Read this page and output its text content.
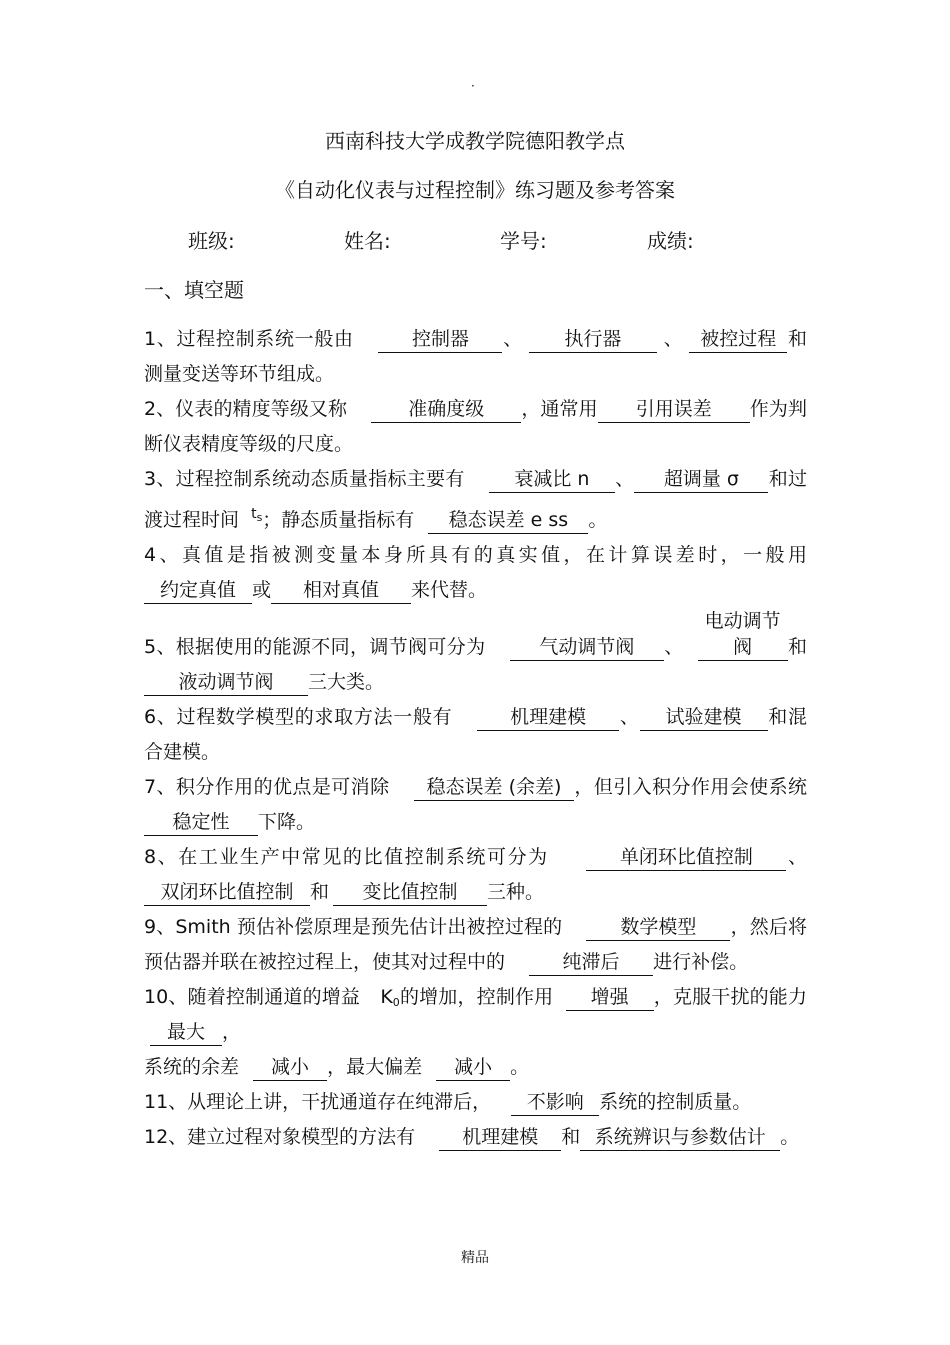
·
西南科技大学成教学院德阳教学点
《自动化仪表与过程控制》练习题及参考答案
班级:	姓名:	学号:	成绩:
一、填空题

1、过程控制系统一般由	控制器 、 执行器 、 被控过程 和测量变送等环节组成。

2、仪表的精度等级又称	准确度级 ，通常用 引用误差 作为判断仪表精度等级的尺度。

3、过程控制系统动态质量指标主要有	衰减比 n 、 超调量 σ 和过渡过程时间 $^{t_s}$；静态质量指标有 稳态误差 e ss 。

4、真值是指被测变量本身所具有的真实值，在计算误差时，一般用 约定真值 或 相对真值 来代替。

5、根据使用的能源不同，调节阀可分为	气动调节阀 、电动调节阀 和液动调节阀 三大类。

6、过程数学模型的求取方法一般有	机理建模 、 试验建模 和混合建模。

7、积分作用的优点是可消除 稳态误差 (余差) ，但引入积分作用会使系统稳定性 下降。

8、在工业生产中常见的比值控制系统可分为	单闭环比值控制 、双闭环比值控制 和 变比值控制 三种。

9、Smith 预估补偿原理是预先估计出被控过程的	数学模型 ，然后将预估器并联在被控过程上，使其对过程中的	纯滞后 进行补偿。

10、随着控制通道的增益 $K_0$的增加，控制作用 增强 ，克服干扰的能力最大 ，

系统的余差 减小 ，最大偏差 减小 。

11、从理论上讲，干扰通道存在纯滞后， 不影响 系统的控制质量。

12、建立过程对象模型的方法有 机理建模 和 系统辨识与参数估计 。

精品
